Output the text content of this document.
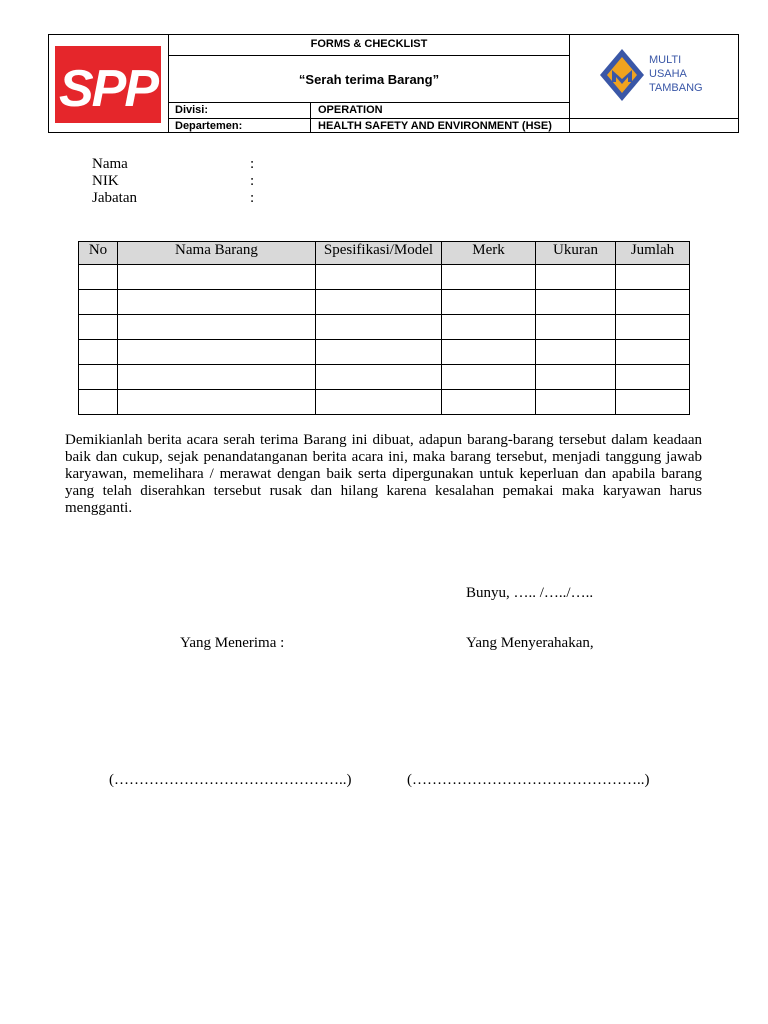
SPP
FORMS & CHECKLIST
“Serah terima Barang”
Divisi:	OPERATION
Departemen:	HEALTH SAFETY AND ENVIRONMENT (HSE)
MULTI
USAHA
TAMBANG
Nama	:
NIK	:
Jabatan	:
No	Nama Barang	Spesifikasi/Model	Merk	Ukuran	Jumlah

Demikianlah berita acara serah terima Barang ini dibuat, adapun barang-barang tersebut dalam keadaan baik dan cukup, sejak penandatanganan berita acara ini, maka barang tersebut, menjadi tanggung jawab karyawan, memelihara / merawat dengan baik serta dipergunakan untuk keperluan dan apabila barang yang telah diserahkan tersebut rusak dan hilang karena kesalahan pemakai maka karyawan harus mengganti.
Bunyu, ….. /…../…..
Yang Menerima :	Yang Menyerahakan,
(………………………………………..)	(………………………………………..)
